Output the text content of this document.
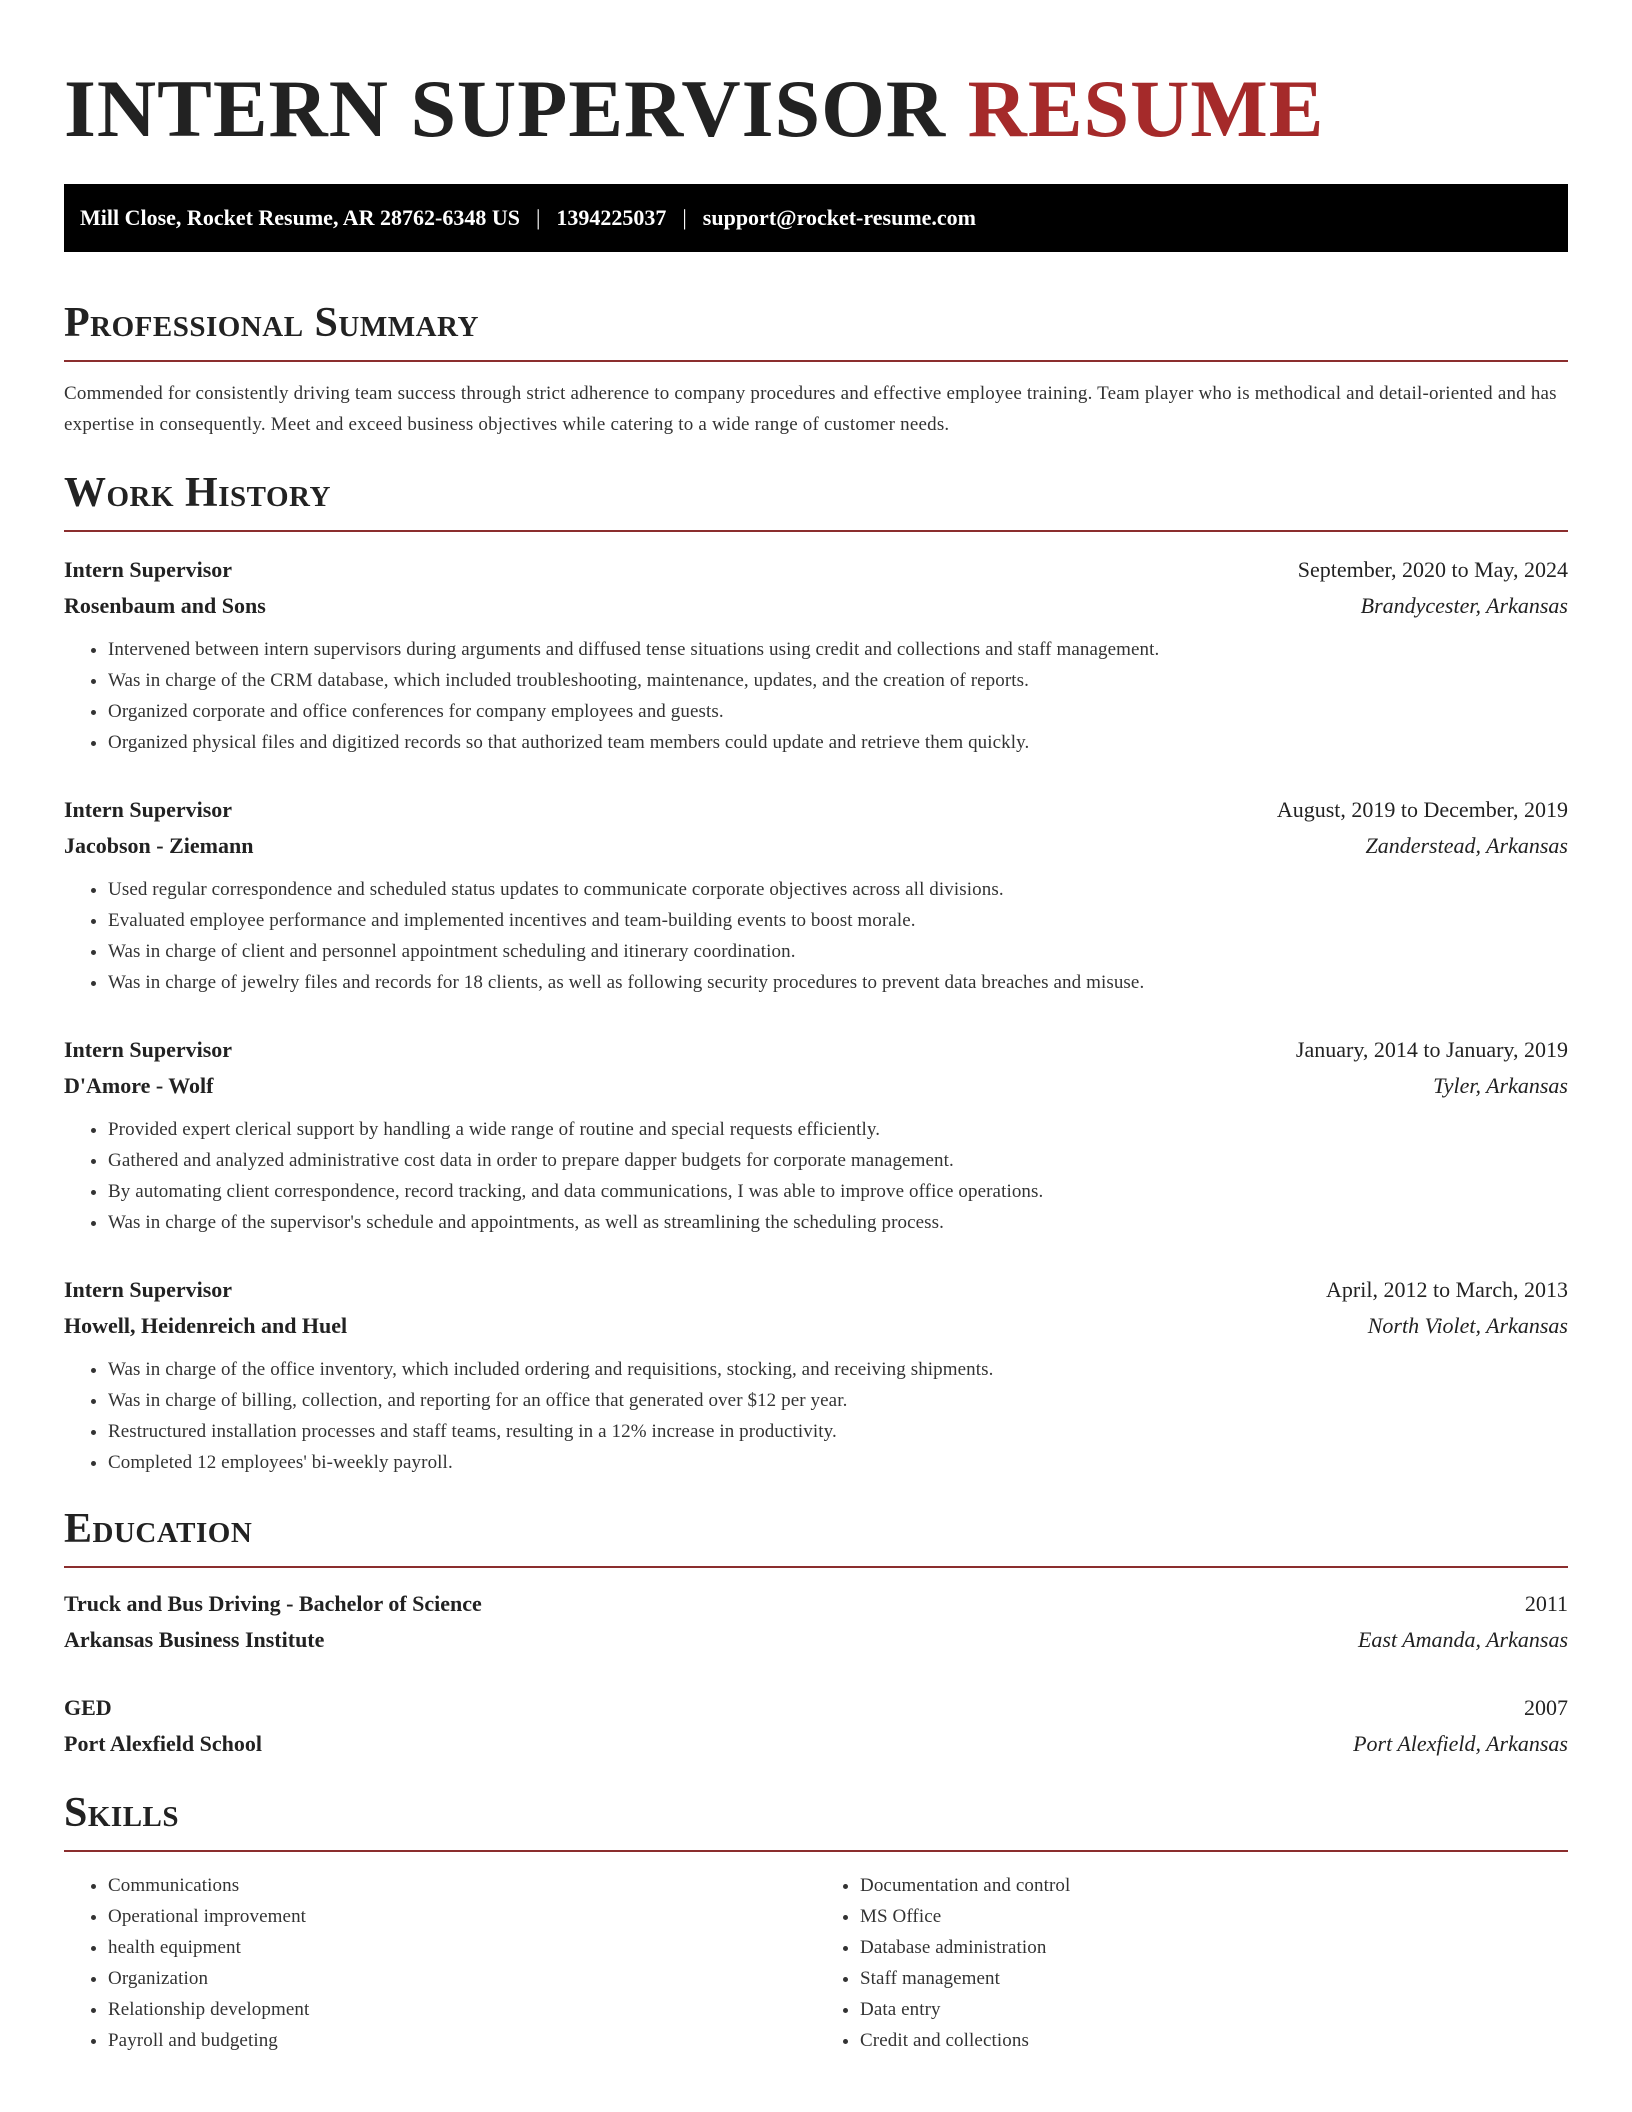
INTERN SUPERVISOR RESUME
Mill Close, Rocket Resume, AR 28762-6348 US | 1394225037 | support@rocket-resume.com
Professional Summary

Commended for consistently driving team success through strict adherence to company procedures and effective employee training. Team player who is methodical and detail-oriented and has expertise in consequently. Meet and exceed business objectives while catering to a wide range of customer needs.

Work History
Intern Supervisor	September, 2020 to May, 2024
Rosenbaum and Sons	Brandycester, Arkansas
• Intervened between intern supervisors during arguments and diffused tense situations using credit and collections and staff management.
• Was in charge of the CRM database, which included troubleshooting, maintenance, updates, and the creation of reports.
• Organized corporate and office conferences for company employees and guests.
• Organized physical files and digitized records so that authorized team members could update and retrieve them quickly.
Intern Supervisor	August, 2019 to December, 2019
Jacobson - Ziemann	Zanderstead, Arkansas
• Used regular correspondence and scheduled status updates to communicate corporate objectives across all divisions.
• Evaluated employee performance and implemented incentives and team-building events to boost morale.
• Was in charge of client and personnel appointment scheduling and itinerary coordination.
• Was in charge of jewelry files and records for 18 clients, as well as following security procedures to prevent data breaches and misuse.
Intern Supervisor	January, 2014 to January, 2019
D'Amore - Wolf	Tyler, Arkansas
• Provided expert clerical support by handling a wide range of routine and special requests efficiently.
• Gathered and analyzed administrative cost data in order to prepare dapper budgets for corporate management.
• By automating client correspondence, record tracking, and data communications, I was able to improve office operations.
• Was in charge of the supervisor's schedule and appointments, as well as streamlining the scheduling process.
Intern Supervisor	April, 2012 to March, 2013
Howell, Heidenreich and Huel	North Violet, Arkansas
• Was in charge of the office inventory, which included ordering and requisitions, stocking, and receiving shipments.
• Was in charge of billing, collection, and reporting for an office that generated over $12 per year.
• Restructured installation processes and staff teams, resulting in a 12% increase in productivity.
• Completed 12 employees' bi-weekly payroll.
Education
Truck and Bus Driving - Bachelor of Science	2011
Arkansas Business Institute	East Amanda, Arkansas
GED	2007
Port Alexfield School	Port Alexfield, Arkansas
Skills
• Communications
• Operational improvement
• health equipment
• Organization
• Relationship development
• Payroll and budgeting
• Documentation and control
• MS Office
• Database administration
• Staff management
• Data entry
• Credit and collections
